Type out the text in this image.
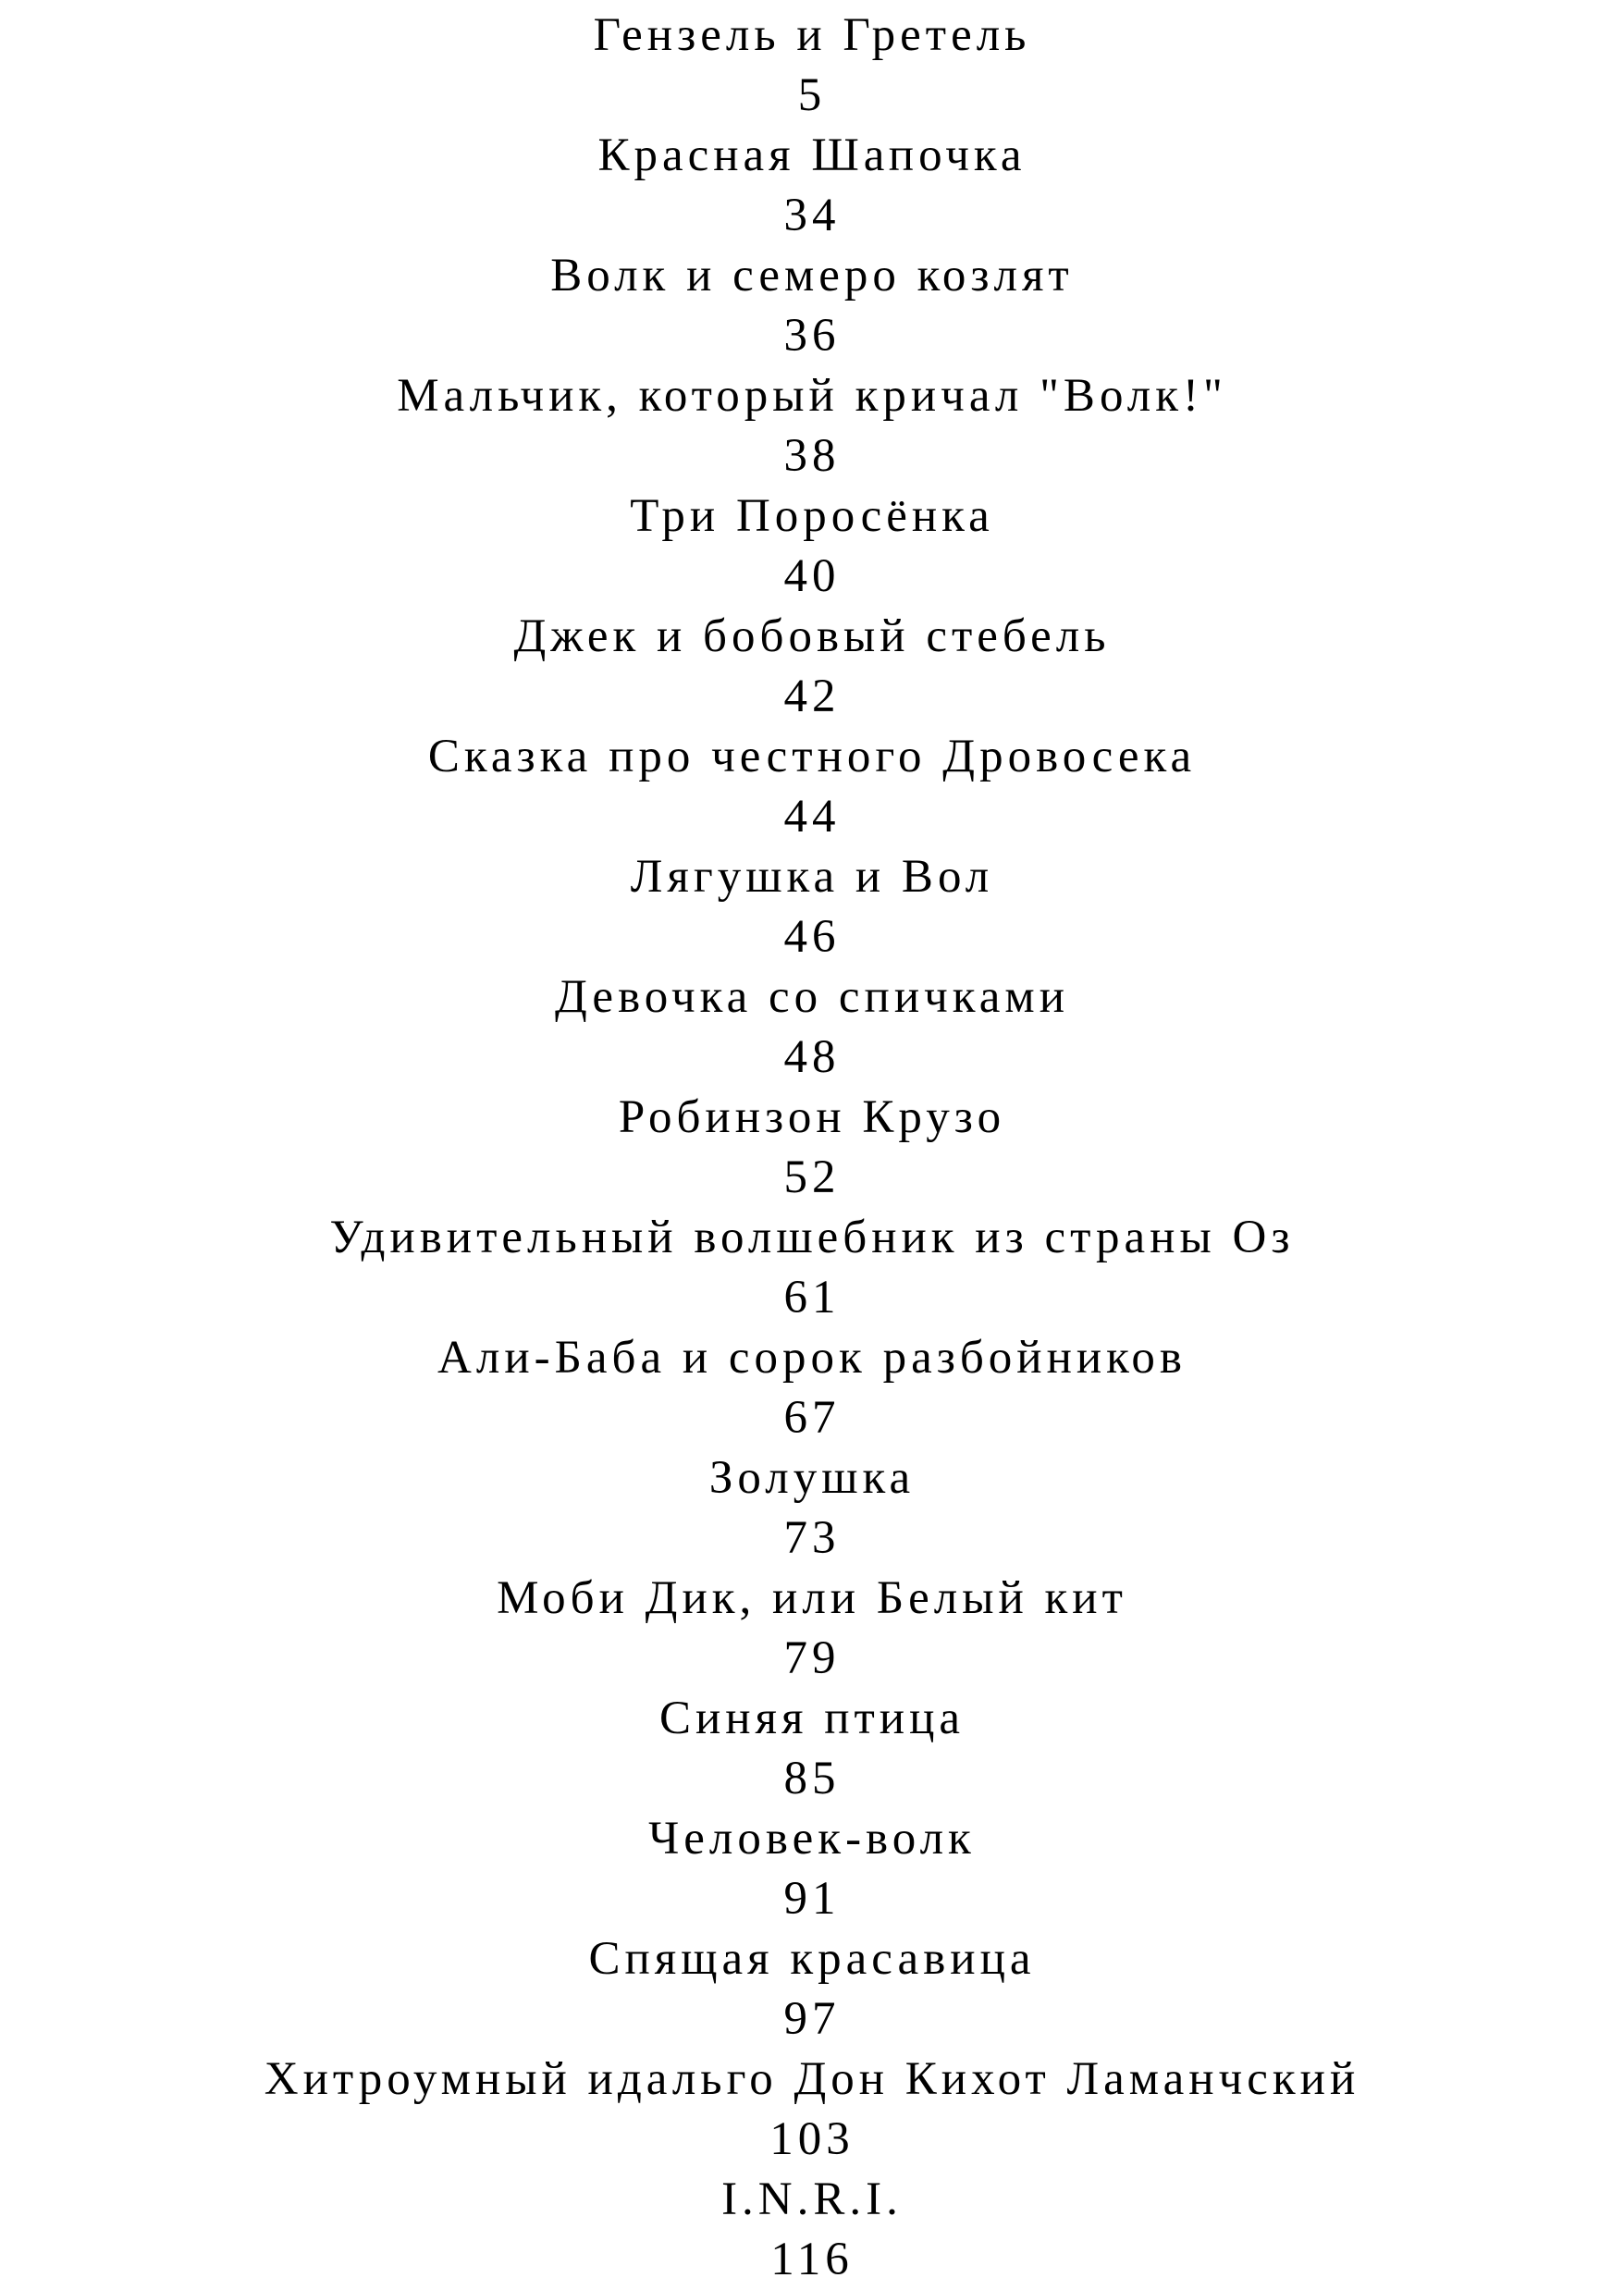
Гензель и Гретель
5
Красная Шапочка
34
Волк и семеро козлят
36
Мальчик, который кричал "Волк!"
38
Три Поросёнка
40
Джек и бобовый стебель
42
Сказка про честного Дровосека
44
Лягушка и Вол
46
Девочка со спичками
48
Робинзон Крузо
52
Удивительный волшебник из страны Оз
61
Али-Баба и сорок разбойников
67
Золушка
73
Моби Дик, или Белый кит
79
Синяя птица
85
Человек-волк
91
Спящая красавица
97
Хитроумный идальго Дон Кихот Ламанчский
103
I.N.R.I.
116
